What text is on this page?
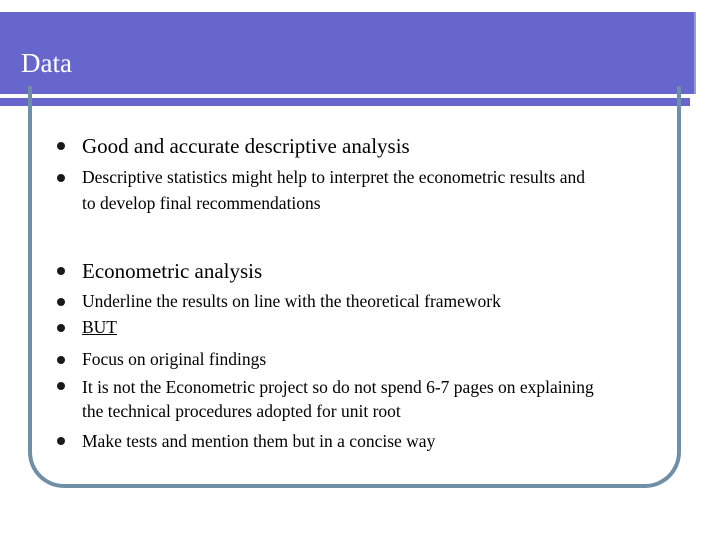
Data
Good and accurate descriptive analysis
Descriptive statistics might help to interpret the econometric results and
to develop final recommendations
Econometric analysis
Underline the results on line with the theoretical framework
BUT
Focus on original findings
It is not the Econometric project so do not spend 6-7 pages on explaining
the technical procedures adopted for unit root
Make tests and mention them but in a concise way
